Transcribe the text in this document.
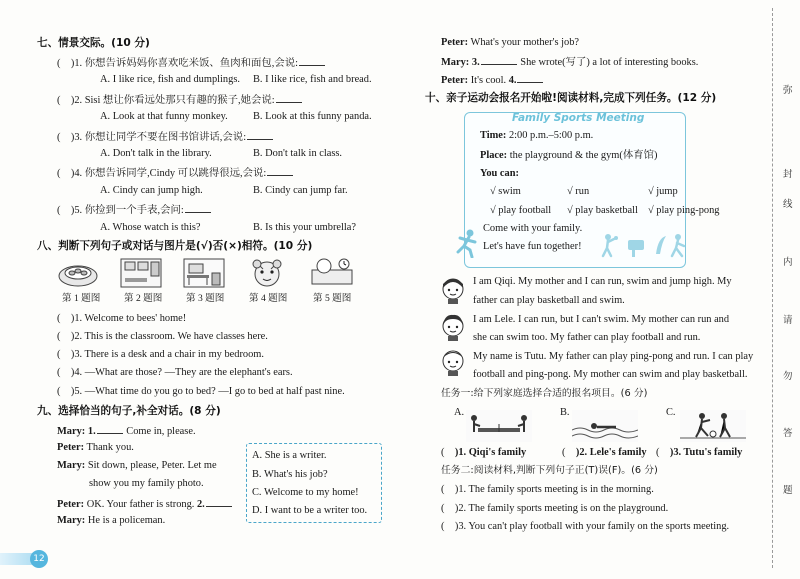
七、情景交际。(10 分)
(    )1. 你想告诉妈妈你喜欢吃米饭、鱼肉和面包,会说:
A. I like rice, fish and dumplings. B. I like rice, fish and bread.
(    )2. Sisi 想让你看远处那只有趣的猴子,她会说:
A. Look at that funny monkey. B. Look at this funny panda.
(    )3. 你想让同学不要在图书馆讲话,会说:
A. Don't talk in the library.	B. Don't talk in class.
(    )4. 你想告诉同学,Cindy 可以跳得很远,会说:
A. Cindy can jump high.	B. Cindy can jump far.
(    )5. 你捡到一个手表,会问:
A. Whose watch is this?	B. Is this your umbrella?
八、判断下列句子或对话与图片是(√)否(×)相符。(10 分)
第 1 题图 第 2 题图 第 3 题图	第 4 题图	第 5 题图
(    )1. Welcome to bees' home!
(    )2. This is the classroom. We have classes here.
(    )3. There is a desk and a chair in my bedroom.
(    )4. —What are those? —They are the elephant's ears.
(    )5. —What time do you go to bed? —I go to bed at half past nine.
九、选择恰当的句子,补全对话。(8 分)
Mary: 1.	Come in, please.
Peter: Thank you.
Mary: Sit down, please, Peter. Let me
show you my family photo.
Peter: OK. Your father is strong. 2.
Mary: He is a policeman.
A. She is a writer.
B. What's his job?
C. Welcome to my home!
D. I want to be a writer too.
Peter: What's your mother's job?
Mary: 3.	She wrote(写了) a lot of interesting books.
Peter: It's cool. 4.
十、亲子运动会报名开始啦!阅读材料,完成下列任务。(12 分)
Family Sports Meeting
Time: 2:00 p.m.–5:00 p.m.
Place: the playground & the gym(体育馆)
You can:
√ swim	√ run	√ jump
√ play football √ play basketball √ play ping-pong
Come with your family.
Let's have fun together!
I am Qiqi. My mother and I can run, swim and jump high. My
father can play basketball and swim.
I am Lele. I can run, but I can't swim. My mother can run and
she can swim too. My father can play football and run.
My name is Tutu. My father can play ping-pong and run. I can play
football and ping-pong. My mother can swim and play basketball.
任务一:给下列家庭选择合适的报名项目。(6 分)
A.	B.	C.
(    )1. Qiqi's family	(    )2. Lele's family (    )3. Tutu's family
任务二:阅读材料,判断下列句子正(T)误(F)。(6 分)
(    )1. The family sports meeting is in the morning.
(    )2. The family sports meeting is on the playground.
(    )3. You can't play football with your family on the sports meeting.
弥
封
线
内
请
勿
答
题
12
